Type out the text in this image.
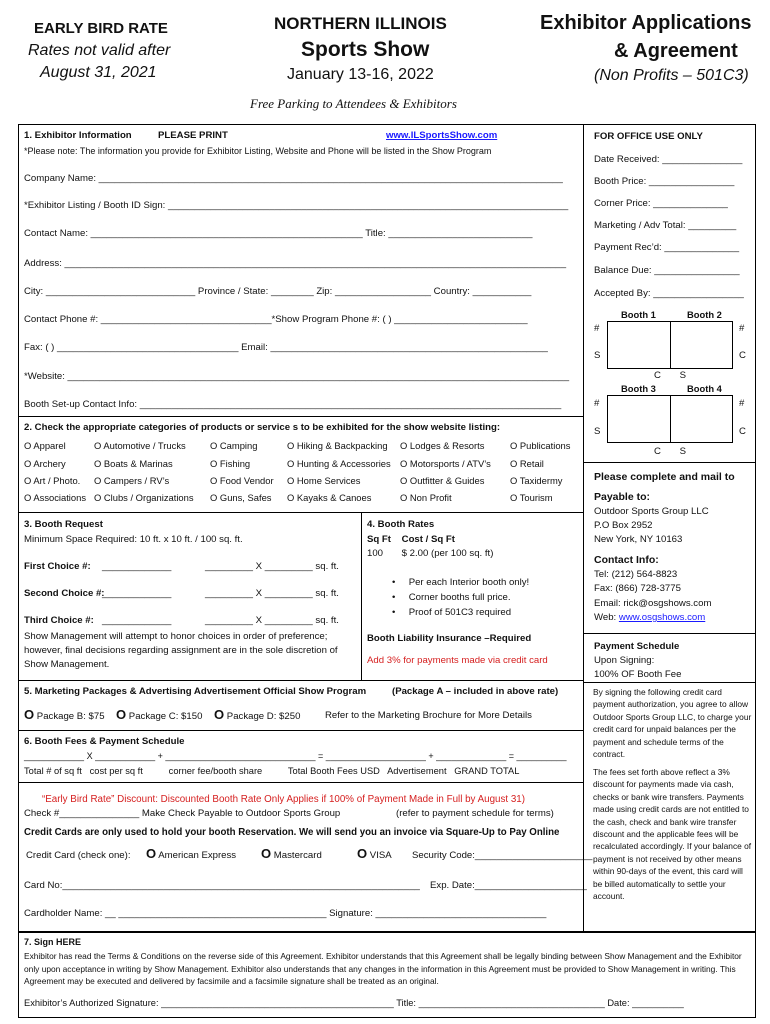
EARLY BIRD RATE
Rates not valid after
August 31, 2021
NORTHERN ILLINOIS
Sports Show
January 13-16, 2022
Exhibitor Applications
& Agreement
(Non Profits – 501C3)
Free Parking to Attendees & Exhibitors
1. Exhibitor Information	PLEASE PRINT	www.ILSportsShow.com
*Please note: The information you provide for Exhibitor Listing, Website and Phone will be listed in the Show Program
Company Name: _______________________________________________________________________________________
*Exhibitor Listing / Booth ID Sign: ___________________________________________________________________________
Contact Name: ___________________________________________________ Title: ___________________________
Address: ______________________________________________________________________________________________
City: ____________________________ Province / State: ________ Zip: __________________ Country: ___________
Contact Phone #: ________________________________*Show Program Phone #: ( ) _________________________
Fax: ( ) __________________________________ Email: ____________________________________________________
*Website: ______________________________________________________________________________________________
Booth Set-up Contact Info: _______________________________________________________________________________
2. Check the appropriate categories of products or service s to be exhibited for the show website listing:
O Apparel	O Automotive / Trucks	O Camping	O Hiking & Backpacking O Lodges & Resorts	O Publications
O Archery	O Boats & Marinas	O Fishing	O Hunting & Accessories O Motorsports / ATV’s O Retail
O Art / Photo. O Campers / RV’s	O Food Vendor O Home Services	O Outfitter & Guides	O Taxidermy
O Associations O Clubs / Organizations O Guns, Safes O Kayaks & Canoes	O Non Profit	O Tourism
3. Booth Request
Minimum Space Required: 10 ft. x 10 ft. / 100 sq. ft.
First Choice #: _____________	_________ X _________ sq. ft.
Second Choice #:
_____________	_________ X _________ sq. ft.
Third Choice #: _____________	_________ X _________ sq. ft.
Show Management will attempt to honor choices in order of preference; however, final decisions regarding assignment are in the sole discretion of Show Management.
4. Booth Rates
Sq Ft    Cost / Sq Ft
100       $ 2.00 (per 100 sq. ft)
•     Per each Interior booth only!
•     Corner booths full price.
•     Proof of 501C3 required
Booth Liability Insurance –Required
Add 3% for payments made via credit card
5. Marketing Packages & Advertising Advertisement Official Show Program	(Package A – included in above rate)
O Package B: $75 O Package C: $150 O Package D: $250	Refer to the Marketing Brochure for More Details
6. Booth Fees & Payment Schedule
____________ X ____________ + ______________________________ = ____________________ + ______________ = __________
Total # of sq ft   cost per sq ft          corner fee/booth share          Total Booth Fees USD   Advertisement   GRAND TOTAL
“Early Bird Rate” Discount: Discounted Booth Rate Only Applies if 100% of Payment Made in Full by August 31)
Check #_______________ Make Check Payable to Outdoor Sports Group	(refer to payment schedule for terms)
Credit Cards are only used to hold your booth Reservation. We will send you an invoice via Square-Up to Pay Online
Credit Card (check one): O American Express O Mastercard	O VISA Security Code:______________________
Card No:___________________________________________________________________ Exp. Date:_____________________
Cardholder Name: __ _______________________________________ Signature: ________________________________
7. Sign HERE
Exhibitor has read the Terms & Conditions on the reverse side of this Agreement. Exhibitor understands that this Agreement shall be legally binding between Show Management and the Exhibitor only upon acceptance in writing by Show Management. Exhibitor also understands that any changes in the information in this Agreement must be provided to Show Management in writing. This Agreement may be executed and delivered by facsimile and a facsimile signature shall be treated as an original.
Exhibitor’s Authorized Signature: _____________________________________________ Title: ____________________________________ Date: __________
FOR OFFICE USE ONLY
Date Received: _______________
Booth Price: ________________
Corner Price: ______________
Marketing / Adv Total: _________
Payment Rec’d: ______________
Balance Due: ________________
Accepted By: _________________
Booth 1	Booth 2
#	#
S	C
C       S
Booth 3	Booth 4
#	#
S	C
C       S
Please complete and mail to
Payable to:
Outdoor Sports Group LLC
P.O Box 2952
New York, NY 10163
Contact Info:
Tel: (212) 564-8823
Fax: (866) 728-3775
Email: rick@osgshows.com
Web: www.osgshows.com
Payment Schedule
Upon Signing:
100% OF Booth Fee
By signing the following credit card payment authorization, you agree to allow Outdoor Sports Group LLC, to charge your credit card for unpaid balances per the payment and schedule terms of the contract.
The fees set forth above reflect a 3% discount for payments made via cash, checks or bank wire transfers. Payments made using credit cards are not entitled to the cash, check and bank wire transfer discount and the applicable fees will be recalculated accordingly. If your balance of payment is not received by other means within 90-days of the event, this card will be billed automatically to settle your account.
